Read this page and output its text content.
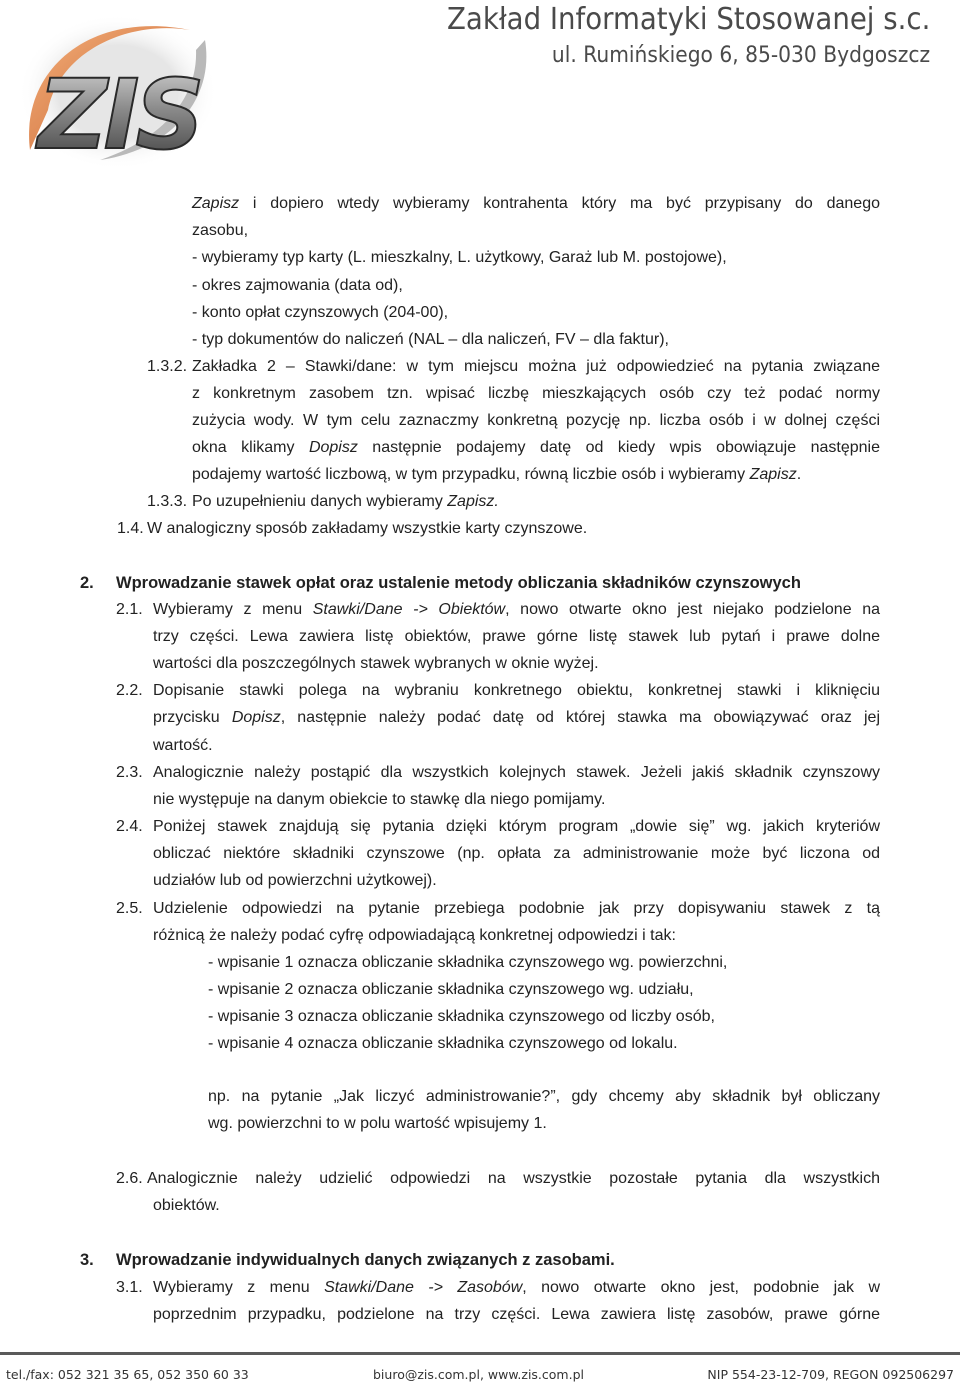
ZIS
Zakład Informatyki Stosowanej s.c.
ul. Rumińskiego 6, 85-030 Bydgoszcz
Zapisz i dopiero wtedy wybieramy kontrahenta który ma być przypisany do danego
zasobu,
- wybieramy typ karty (L. mieszkalny, L. użytkowy, Garaż lub M. postojowe),
- okres zajmowania (data od),
- konto opłat czynszowych (204-00),
- typ dokumentów do naliczeń (NAL – dla naliczeń, FV – dla faktur),
1.3.2. Zakładka 2 – Stawki/dane: w tym miejscu można już odpowiedzieć na pytania związane
z konkretnym zasobem tzn. wpisać liczbę mieszkających osób czy też podać normy
zużycia wody. W tym celu zaznaczmy konkretną pozycję np. liczba osób i w dolnej części
okna klikamy Dopisz następnie podajemy datę od kiedy wpis obowiązuje następnie
podajemy wartość liczbową, w tym przypadku, równą liczbie osób i wybieramy Zapisz.
1.3.3. Po uzupełnieniu danych wybieramy Zapisz.
1.4. W analogiczny sposób zakładamy wszystkie karty czynszowe.
2. Wprowadzanie stawek opłat oraz ustalenie metody obliczania składników czynszowych
2.1. Wybieramy z menu Stawki/Dane -> Obiektów, nowo otwarte okno jest niejako podzielone na
trzy części. Lewa zawiera listę obiektów, prawe górne listę stawek lub pytań i prawe dolne
wartości dla poszczególnych stawek wybranych w oknie wyżej.
2.2. Dopisanie stawki polega na wybraniu konkretnego obiektu, konkretnej stawki i kliknięciu
przycisku Dopisz, następnie należy podać datę od której stawka ma obowiązywać oraz jej
wartość.
2.3. Analogicznie należy postąpić dla wszystkich kolejnych stawek. Jeżeli jakiś składnik czynszowy
nie występuje na danym obiekcie to stawkę dla niego pomijamy.
2.4. Poniżej stawek znajdują się pytania dzięki którym program „dowie się” wg. jakich kryteriów
obliczać niektóre składniki czynszowe (np. opłata za administrowanie może być liczona od
udziałów lub od powierzchni użytkowej).
2.5. Udzielenie odpowiedzi na pytanie przebiega podobnie jak przy dopisywaniu stawek z tą
różnicą że należy podać cyfrę odpowiadającą konkretnej odpowiedzi i tak:
- wpisanie 1 oznacza obliczanie składnika czynszowego wg. powierzchni,
- wpisanie 2 oznacza obliczanie składnika czynszowego wg. udziału,
- wpisanie 3 oznacza obliczanie składnika czynszowego od liczby osób,
- wpisanie 4 oznacza obliczanie składnika czynszowego od lokalu.
np. na pytanie „Jak liczyć administrowanie?”, gdy chcemy aby składnik był obliczany
wg. powierzchni to w polu wartość wpisujemy 1.
2.6. Analogicznie należy udzielić odpowiedzi na wszystkie pozostałe pytania dla wszystkich
obiektów.
3. Wprowadzanie indywidualnych danych związanych z zasobami.
3.1. Wybieramy z menu Stawki/Dane -> Zasobów, nowo otwarte okno jest, podobnie jak w
poprzednim przypadku, podzielone na trzy części. Lewa zawiera listę zasobów, prawe górne
tel./fax: 052 321 35 65, 052 350 60 33	biuro@zis.com.pl, www.zis.com.pl	NIP 554-23-12-709, REGON 092506297
